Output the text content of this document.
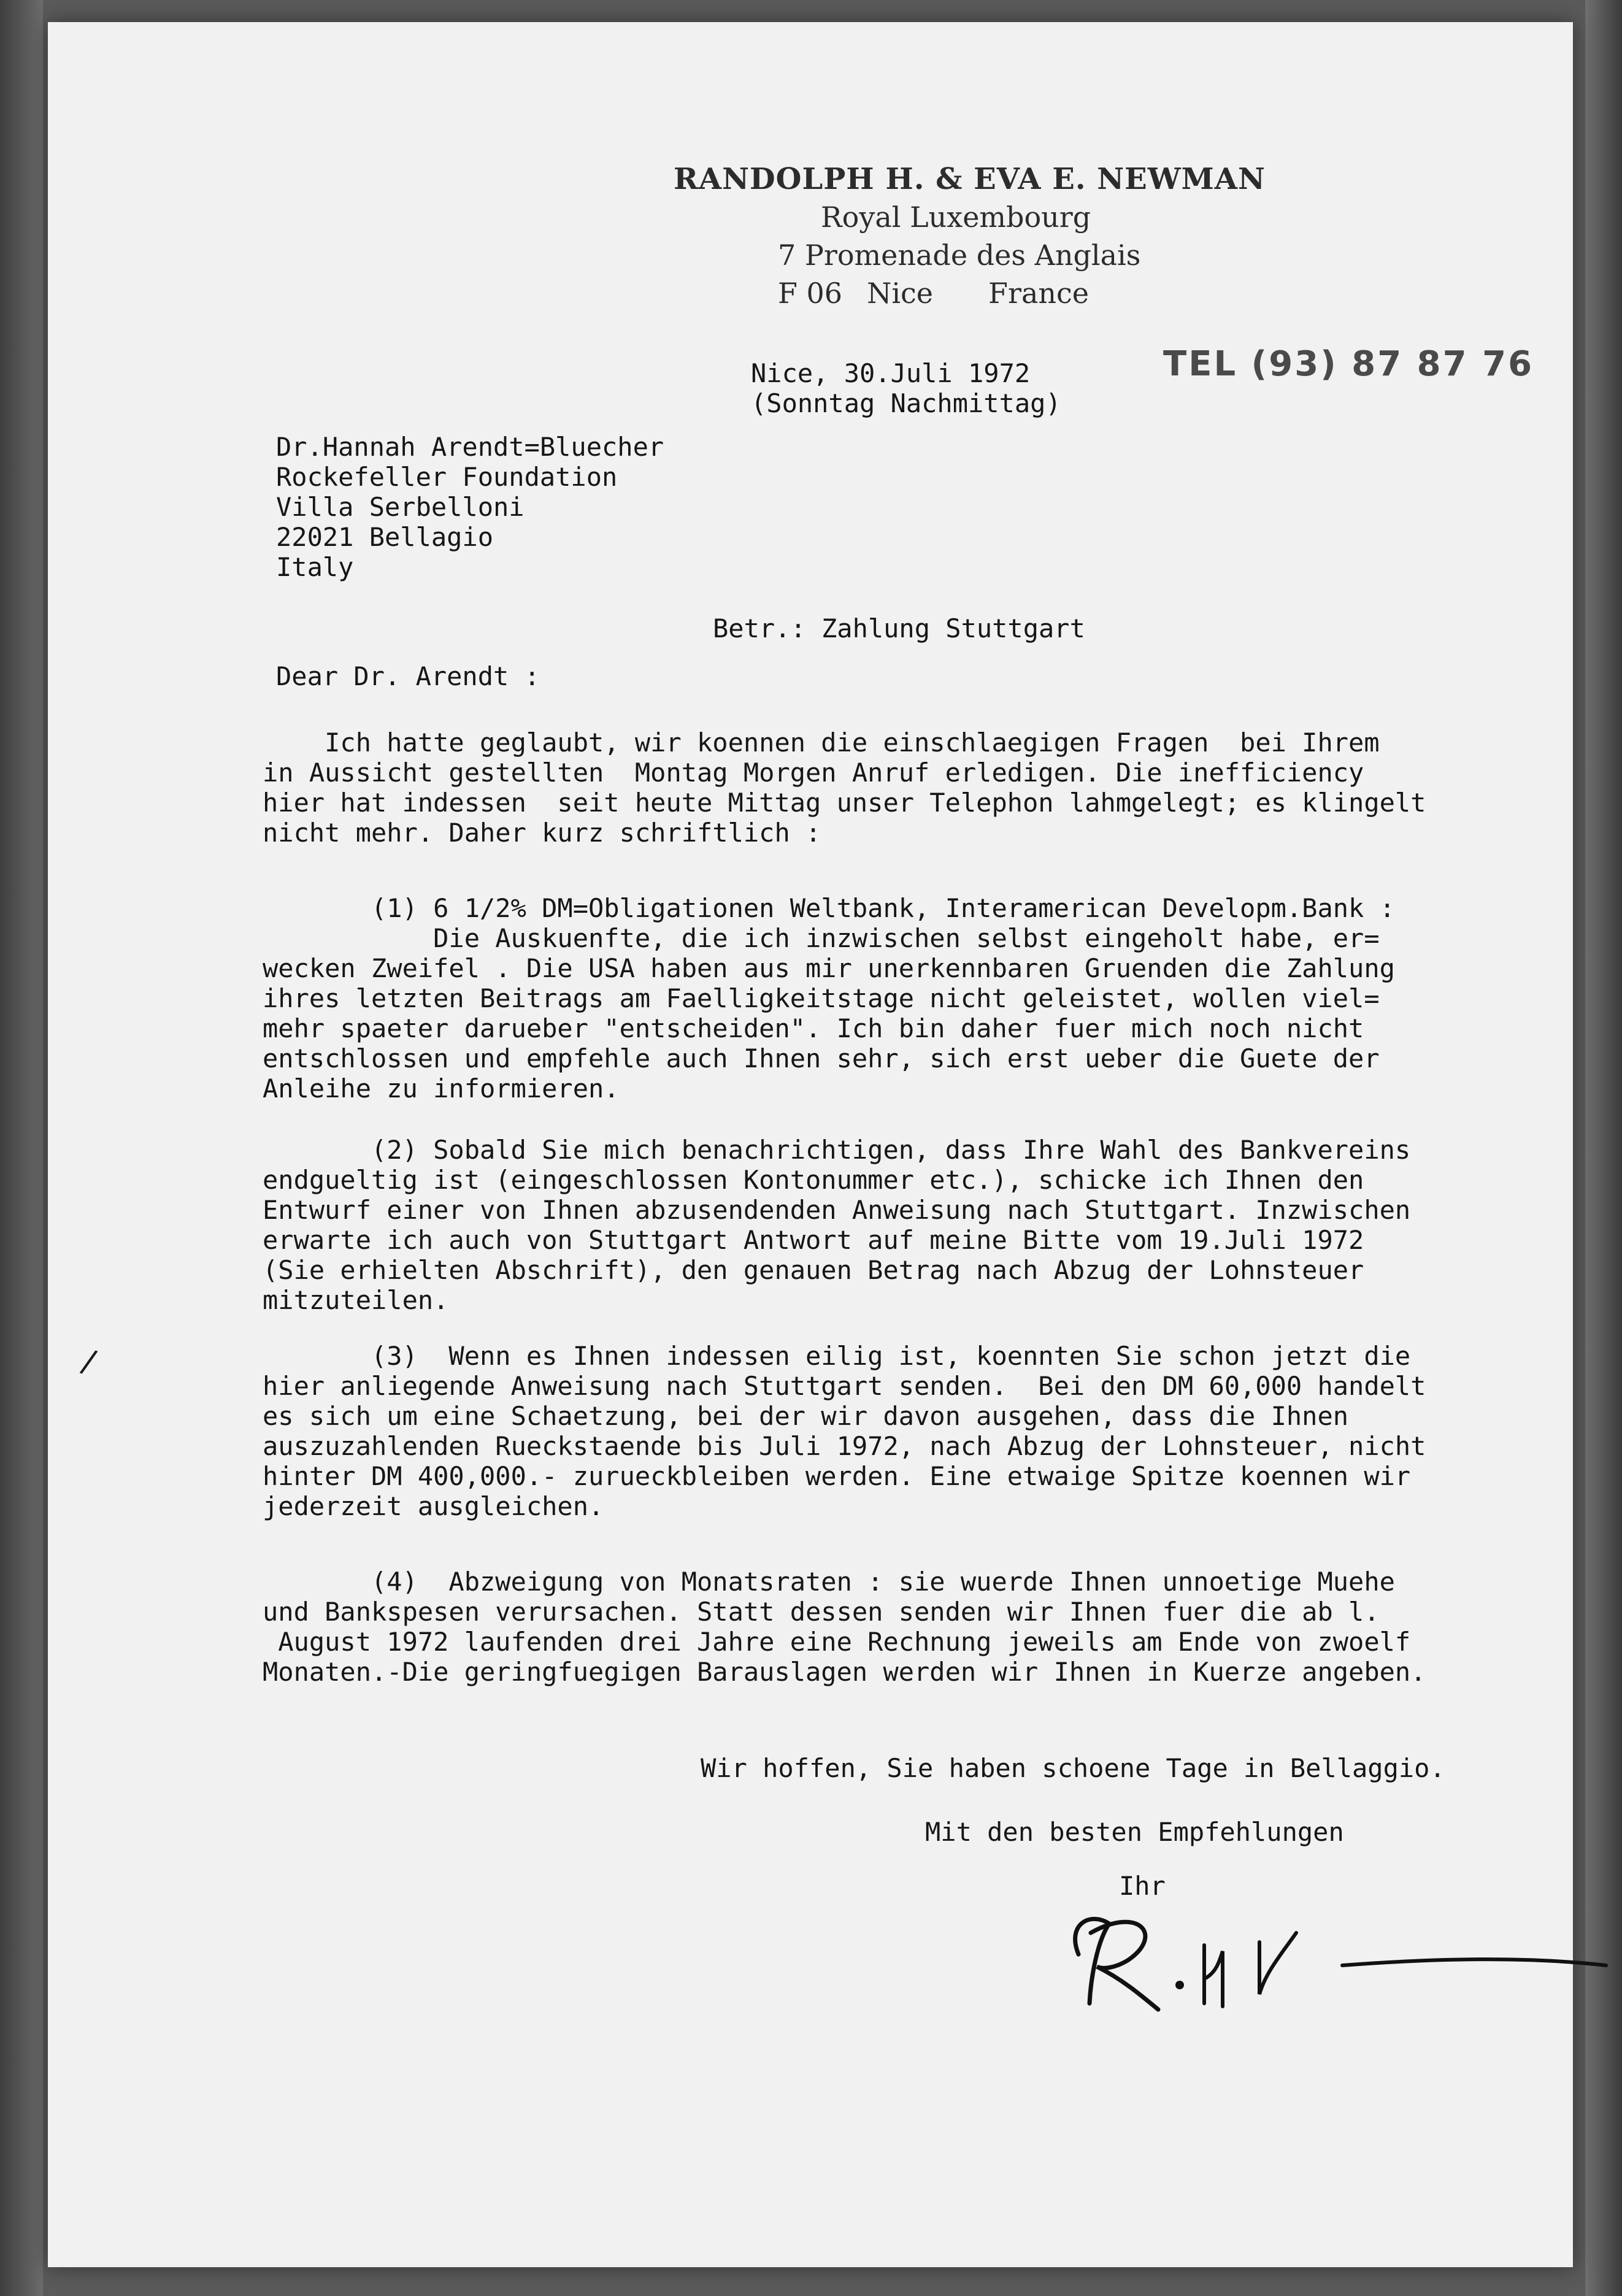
RANDOLPH H. & EVA E. NEWMAN
Royal Luxembourg
7 Promenade des Anglais
F 06 Nice France
TEL (93) 87 87 76
Nice, 30.Juli 1972
(Sonntag Nachmittag)
Dr.Hannah Arendt=Bluecher
Rockefeller Foundation
Villa Serbelloni
22021 Bellagio
Italy
Betr.: Zahlung Stuttgart
Dear Dr. Arendt :
Ich hatte geglaubt, wir koennen die einschlaegigen Fragen  bei Ihrem
in Aussicht gestellten  Montag Morgen Anruf erledigen. Die inefficiency
hier hat indessen  seit heute Mittag unser Telephon lahmgelegt; es klingelt
nicht mehr. Daher kurz schriftlich :
(1) 6 1/2% DM=Obligationen Weltbank, Interamerican Developm.Bank :
Die Auskuenfte, die ich inzwischen selbst eingeholt habe, er=
wecken Zweifel . Die USA haben aus mir unerkennbaren Gruenden die Zahlung
ihres letzten Beitrags am Faelligkeitstage nicht geleistet, wollen viel=
mehr spaeter darueber "entscheiden". Ich bin daher fuer mich noch nicht
entschlossen und empfehle auch Ihnen sehr, sich erst ueber die Guete der
Anleihe zu informieren.
(2) Sobald Sie mich benachrichtigen, dass Ihre Wahl des Bankvereins
endgueltig ist (eingeschlossen Kontonummer etc.), schicke ich Ihnen den
Entwurf einer von Ihnen abzusendenden Anweisung nach Stuttgart. Inzwischen
erwarte ich auch von Stuttgart Antwort auf meine Bitte vom 19.Juli 1972
(Sie erhielten Abschrift), den genauen Betrag nach Abzug der Lohnsteuer
mitzuteilen.
(3)  Wenn es Ihnen indessen eilig ist, koennten Sie schon jetzt die
hier anliegende Anweisung nach Stuttgart senden.  Bei den DM 60,000 handelt
es sich um eine Schaetzung, bei der wir davon ausgehen, dass die Ihnen
auszuzahlenden Rueckstaende bis Juli 1972, nach Abzug der Lohnsteuer, nicht
hinter DM 400,000.- zurueckbleiben werden. Eine etwaige Spitze koennen wir
jederzeit ausgleichen.
(4)  Abzweigung von Monatsraten : sie wuerde Ihnen unnoetige Muehe
und Bankspesen verursachen. Statt dessen senden wir Ihnen fuer die ab l.
August 1972 laufenden drei Jahre eine Rechnung jeweils am Ende von zwoelf
Monaten.-Die geringfuegigen Barauslagen werden wir Ihnen in Kuerze angeben.
Wir hoffen, Sie haben schoene Tage in Bellaggio.
Mit den besten Empfehlungen
Ihr
/
